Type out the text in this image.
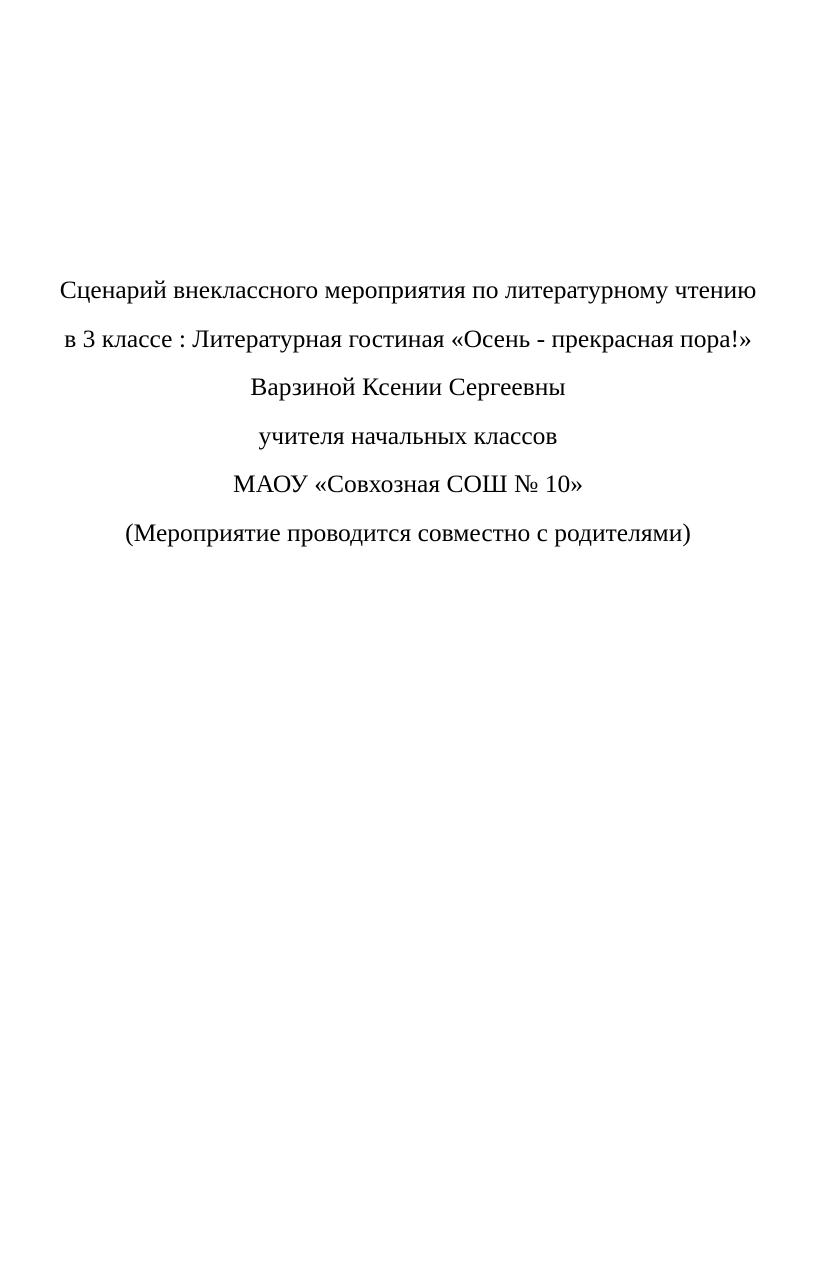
Сценарий внеклассного мероприятия по литературному чтению
в 3 классе : Литературная гостиная «Осень - прекрасная пора!»
Варзиной Ксении Сергеевны
учителя начальных классов
МАОУ «Совхозная СОШ № 10»
(Мероприятие проводится совместно с родителями)
